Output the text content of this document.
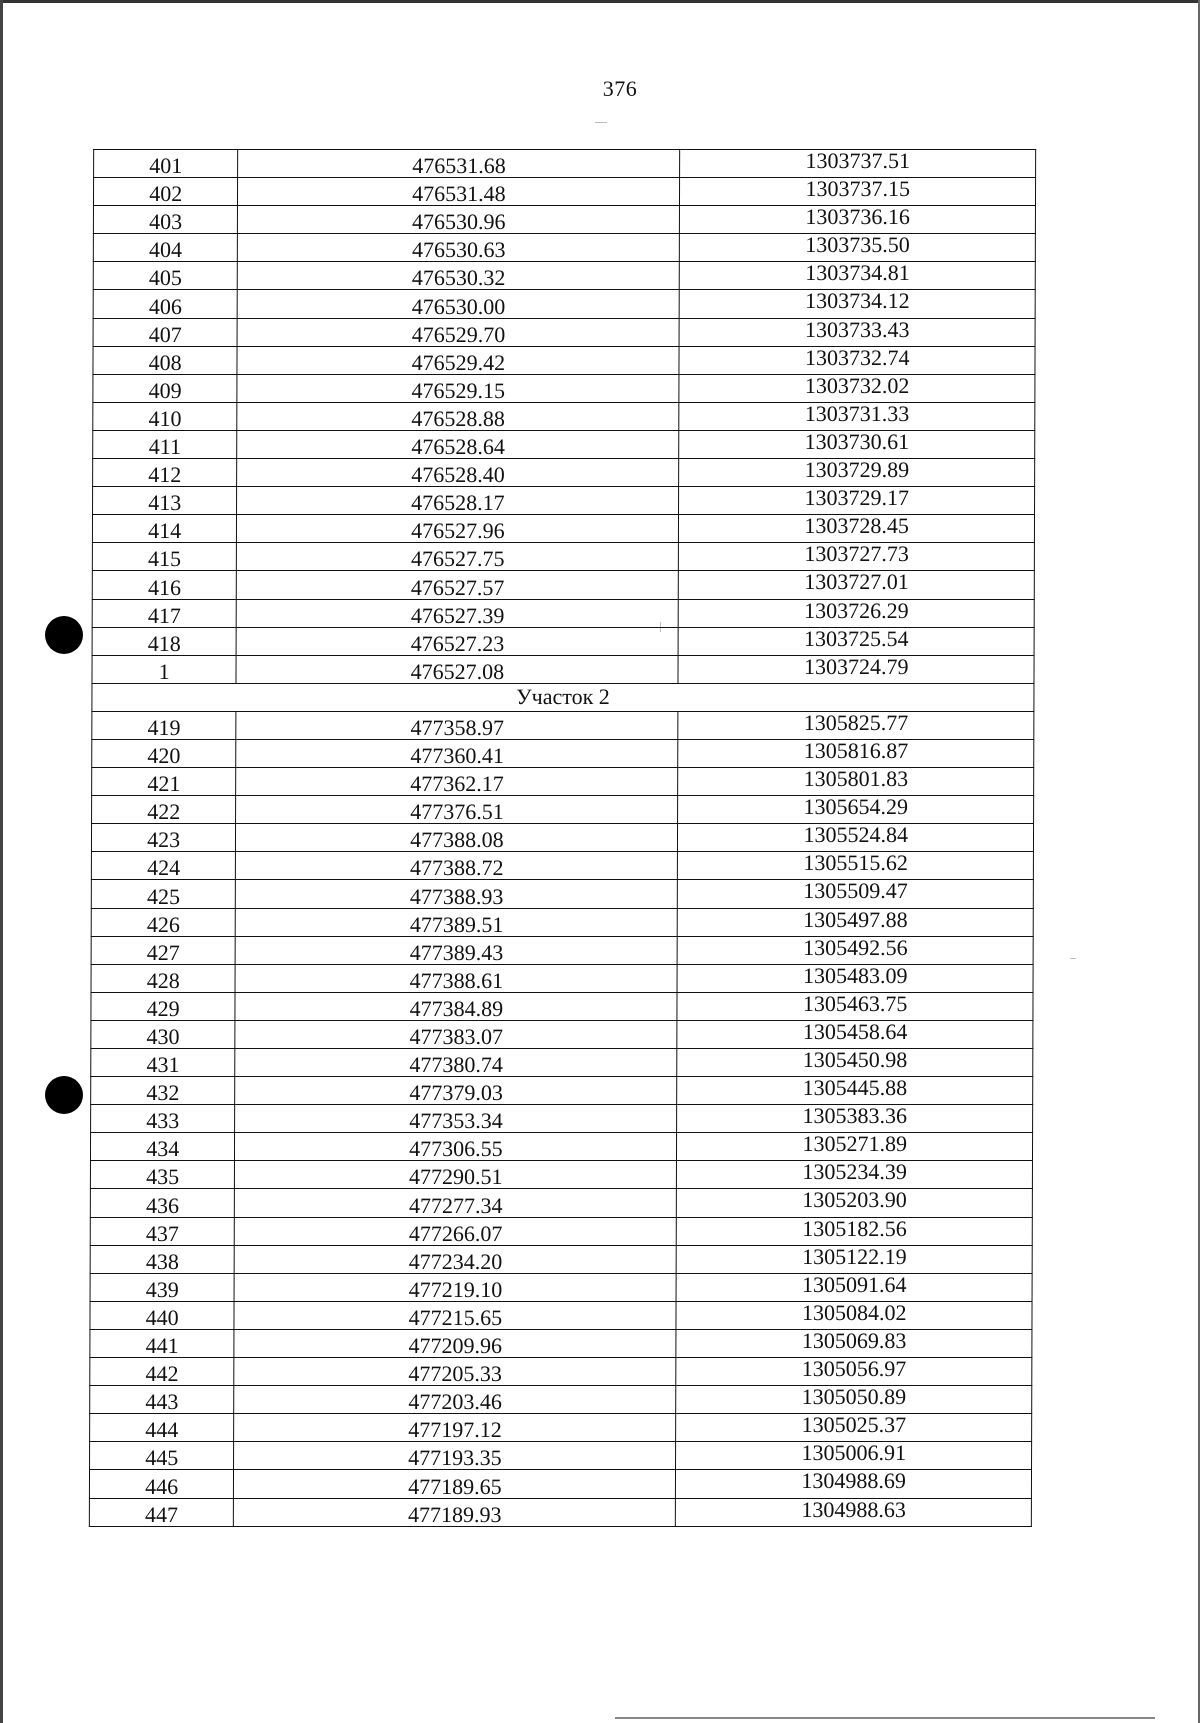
376
401	476531.68	1303737.51
402	476531.48	1303737.15
403	476530.96	1303736.16
404	476530.63	1303735.50
405	476530.32	1303734.81
406	476530.00	1303734.12
407	476529.70	1303733.43
408	476529.42	1303732.74
409	476529.15	1303732.02
410	476528.88	1303731.33
411	476528.64	1303730.61
412	476528.40	1303729.89
413	476528.17	1303729.17
414	476527.96	1303728.45
415	476527.75	1303727.73
416	476527.57	1303727.01
417	476527.39	1303726.29
418	476527.23	1303725.54
1	476527.08	1303724.79
Участок 2		
419	477358.97	1305825.77
420	477360.41	1305816.87
421	477362.17	1305801.83
422	477376.51	1305654.29
423	477388.08	1305524.84
424	477388.72	1305515.62
425	477388.93	1305509.47
426	477389.51	1305497.88
427	477389.43	1305492.56
428	477388.61	1305483.09
429	477384.89	1305463.75
430	477383.07	1305458.64
431	477380.74	1305450.98
432	477379.03	1305445.88
433	477353.34	1305383.36
434	477306.55	1305271.89
435	477290.51	1305234.39
436	477277.34	1305203.90
437	477266.07	1305182.56
438	477234.20	1305122.19
439	477219.10	1305091.64
440	477215.65	1305084.02
441	477209.96	1305069.83
442	477205.33	1305056.97
443	477203.46	1305050.89
444	477197.12	1305025.37
445	477193.35	1305006.91
446	477189.65	1304988.69
447	477189.93	1304988.63
